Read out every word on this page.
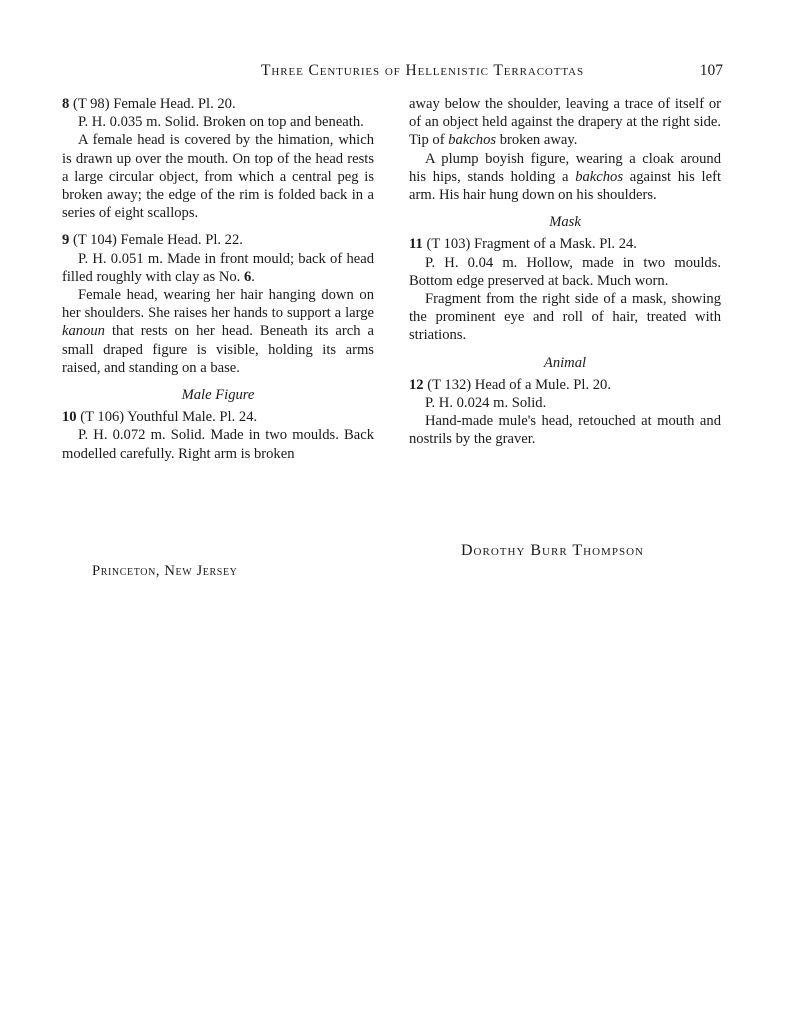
Three Centuries of Hellenistic Terracottas	107

8 (T 98) Female Head. Pl. 20.

P. H. 0.035 m. Solid. Broken on top and beneath.

A female head is covered by the himation, which is drawn up over the mouth. On top of the head rests a large circular object, from which a central peg is broken away; the edge of the rim is folded back in a series of eight scallops.

9 (T 104) Female Head. Pl. 22.

P. H. 0.051 m. Made in front mould; back of head filled roughly with clay as No. 6.

Female head, wearing her hair hanging down on her shoulders. She raises her hands to support a large kanoun that rests on her head. Beneath its arch a small draped figure is visible, holding its arms raised, and standing on a base.

Male Figure

10 (T 106) Youthful Male. Pl. 24.

P. H. 0.072 m. Solid. Made in two moulds. Back modelled carefully. Right arm is broken

away below the shoulder, leaving a trace of itself or of an object held against the drapery at the right side. Tip of bakchos broken away.

A plump boyish figure, wearing a cloak around his hips, stands holding a bakchos against his left arm. His hair hung down on his shoulders.

Mask

11 (T 103) Fragment of a Mask. Pl. 24.

P. H. 0.04 m. Hollow, made in two moulds. Bottom edge preserved at back. Much worn.

Fragment from the right side of a mask, showing the prominent eye and roll of hair, treated with striations.

Animal

12 (T 132) Head of a Mule. Pl. 20.

P. H. 0.024 m. Solid.

Hand-made mule's head, retouched at mouth and nostrils by the graver.

Dorothy Burr Thompson
Princeton, New Jersey
